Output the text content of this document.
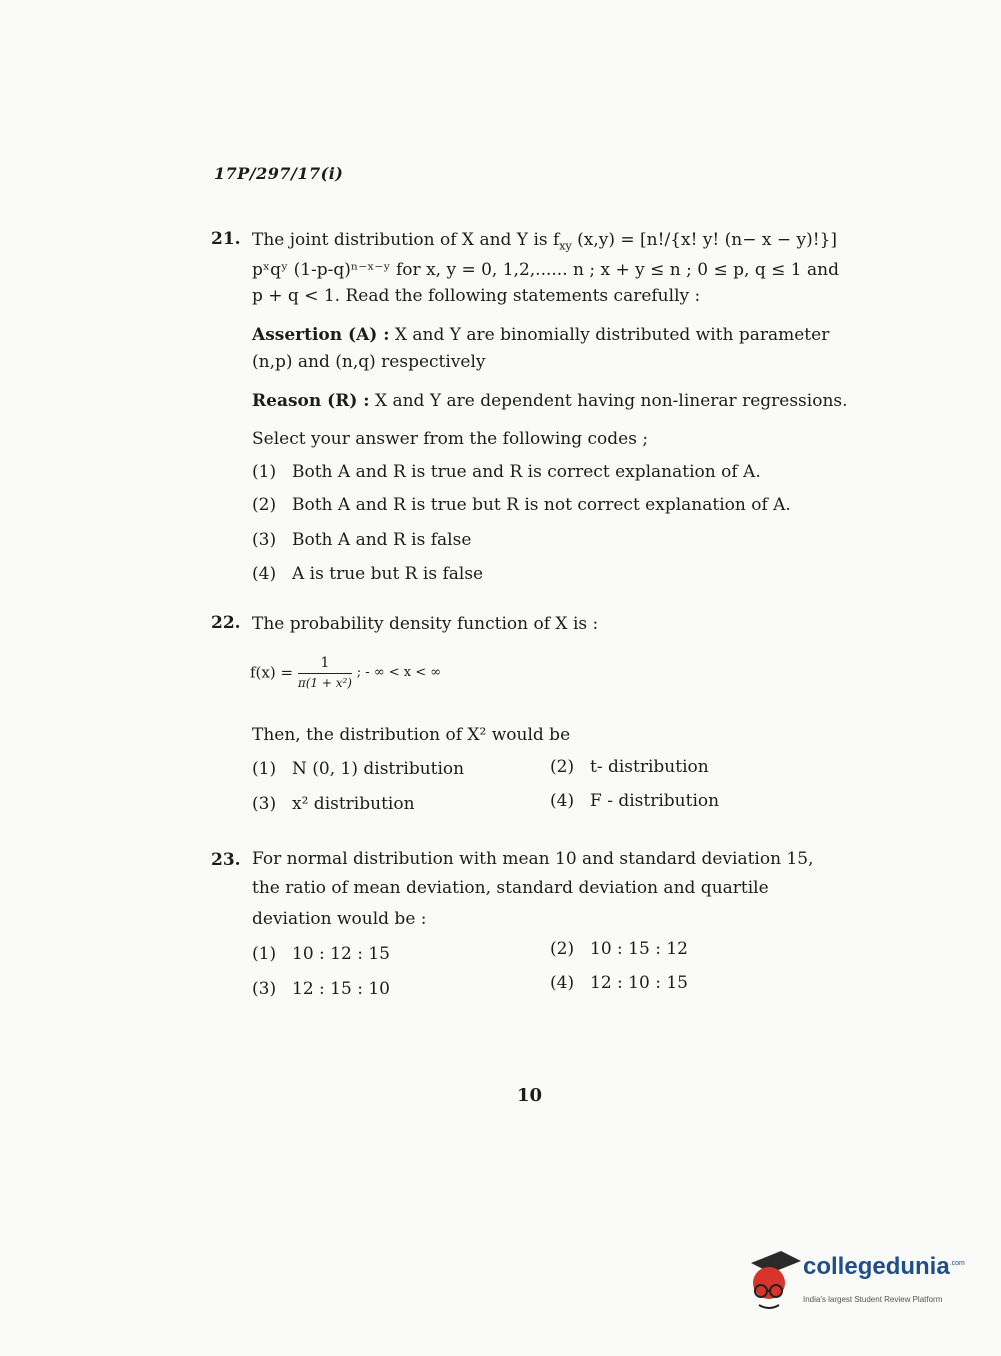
17P/297/17(i)
21. The joint distribution of X and Y is $f_{xy}$ (x,y) = [n!/{x! y! (n− x − y)!}]
pˣqʸ (1-p-q)ⁿ⁻ˣ⁻ʸ for x, y = 0, 1,2,...... n ; x + y ≤ n ; 0 ≤ p, q ≤ 1 and
p + q < 1. Read the following statements carefully :
Assertion (A) : X and Y are binomially distributed with parameter
(n,p) and (n,q) respectively
Reason (R) : X and Y are dependent having non-linerar regressions.
Select your answer from the following codes ;
(1) Both A and R is true and R is correct explanation of A.
(2) Both A and R is true but R is not correct explanation of A.
(3) Both A and R is false
(4) A is true but R is false
22. The probability density function of X is :
$f(x) = \frac{1}{\text{π(1 + x²)}}$ ; - ∞ < x < ∞
Then, the distribution of X² would be
(1) N (0, 1) distribution	(2) t- distribution
(3) x² distribution	(4) F - distribution
23. For normal distribution with mean 10 and standard deviation 15,
the ratio of mean deviation, standard deviation and quartile
deviation would be :
(1) 10 : 12 : 15	(2) 10 : 15 : 12
(3) 12 : 15 : 10	(4) 12 : 10 : 15
10
collegedunia$^{.com}$
India's largest Student Review Platform
